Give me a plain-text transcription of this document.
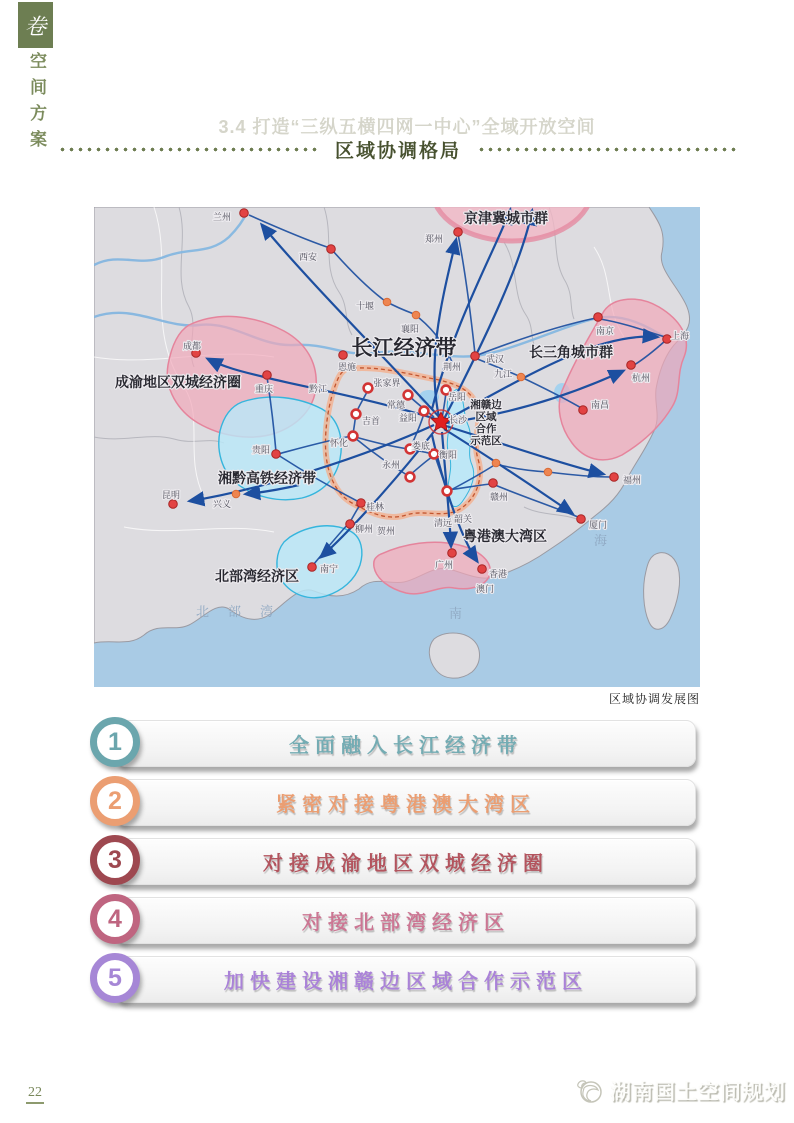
卷
空间方案	3.4 打造“三纵五横四网一中心”全域开放空间
区域协调格局
兰州
西安
郑州
十堰
襄阳
武汉
荆州
九江
南京	上海
杭州
南昌
成都
重庆
恩施
黔江
贵阳
昆明
兴义	桂林
柳州
南宁
贺州
清远 韶关
广州
香港
澳门
赣州
福州
厦门
张家界
常德
岳阳
益阳
吉首
怀化	娄底
衡阳
永州
长沙
长江经济带
京津冀城市群
长三角城市群
成渝地区双城经济圈
湘黔高铁经济带
北部湾经济区
粤港澳大湾区
湘赣边
区域
合作
示范区
北　部　湾	南
海
区域协调发展图
1	全面融入长江经济带
2	紧密对接粤港澳大湾区
3	对接成渝地区双城经济圈
4	对接北部湾经济区
5	加快建设湘赣边区域合作示范区
22	湖南国土空间规划
